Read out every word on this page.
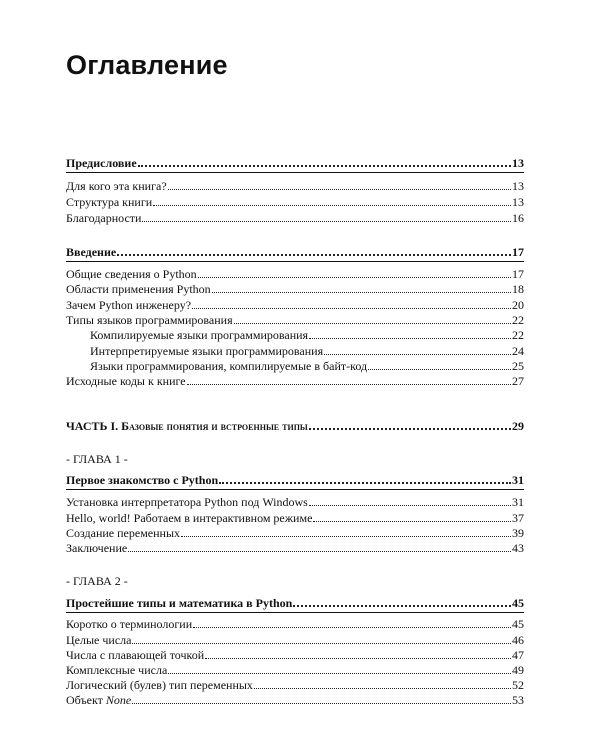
Оглавление
Предисловие	13
Для кого эта книга?	13
Структура книги	13
Благодарности	16
Введение	17
Общие сведения о Python	17
Области применения Python	18
Зачем Python инженеру?	20
Типы языков программирования	22
Компилируемые языки программирования	22
Интерпретируемые языки программирования	24
Языки программирования, компилируемые в байт-код	25
Исходные коды к книге	27
ЧАСТЬ I. Базовые понятия и встроенные типы	29
- ГЛАВА 1 -
Первое знакомство с Python	31
Установка интерпретатора Python под Windows	31
Hello, world! Работаем в интерактивном режиме	37
Создание переменных	39
Заключение	43
- ГЛАВА 2 -
Простейшие типы и математика в Python	45
Коротко о терминологии	45
Целые числа	46
Числа с плавающей точкой	47
Комплексные числа	49
Логический (булев) тип переменных	52
Объект None	53
